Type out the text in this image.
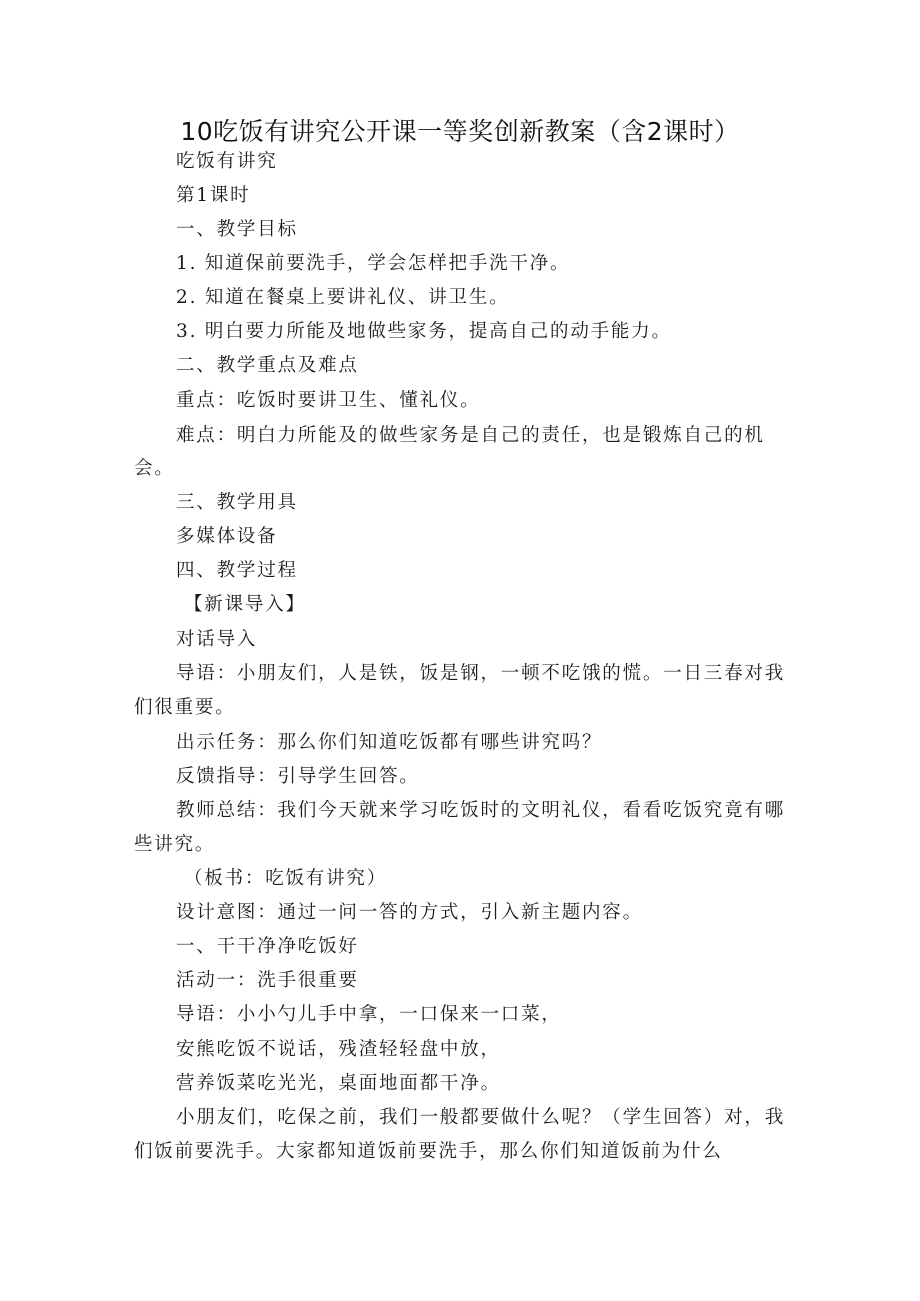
10吃饭有讲究公开课一等奖创新教案（含2课时）
吃饭有讲究
第1课时
一、教学目标
1. 知道保前要洗手，学会怎样把手洗干净。
2. 知道在餐桌上要讲礼仪、讲卫生。
3. 明白要力所能及地做些家务，提高自己的动手能力。
二、教学重点及难点
重点：吃饭时要讲卫生、懂礼仪。
难点：明白力所能及的做些家务是自己的责任，也是锻炼自己的机
会。
三、教学用具
多媒体设备
四、教学过程
【新课导入】
对话导入
导语：小朋友们，人是铁，饭是钢，一顿不吃饿的慌。一日三春对我
们很重要。
出示任务：那么你们知道吃饭都有哪些讲究吗？
反馈指导：引导学生回答。
教师总结：我们今天就来学习吃饭时的文明礼仪，看看吃饭究竟有哪
些讲究。
（板书：吃饭有讲究）
设计意图：通过一问一答的方式，引入新主题内容。
一、干干净净吃饭好
活动一：洗手很重要
导语：小小勺儿手中拿，一口保来一口菜，
安熊吃饭不说话，残渣轻轻盘中放，
营养饭菜吃光光，桌面地面都干净。
小朋友们，吃保之前，我们一般都要做什么呢？（学生回答）对，我
们饭前要洗手。大家都知道饭前要洗手，那么你们知道饭前为什么
